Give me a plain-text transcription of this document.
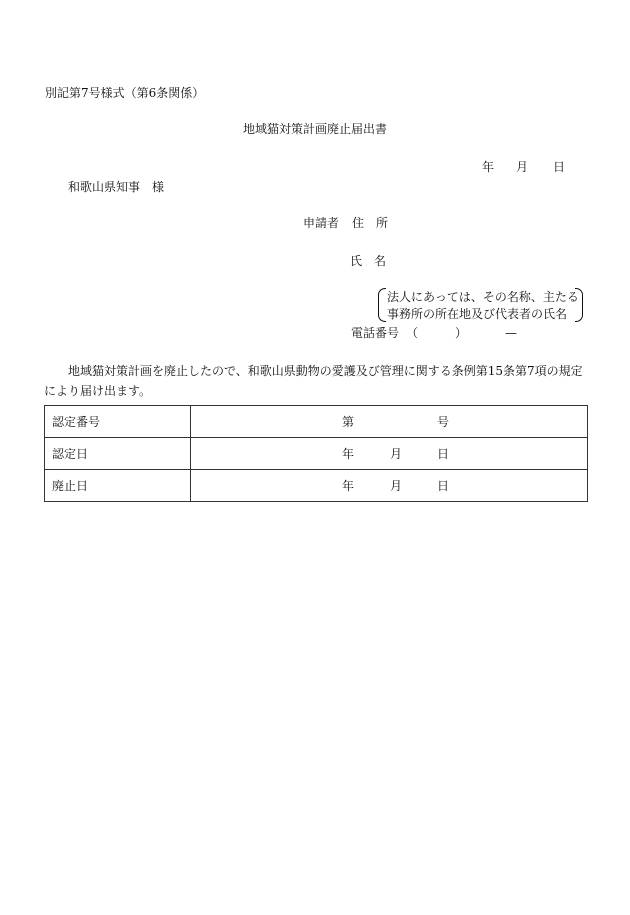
別記第7号様式（第6条関係）
地域猫対策計画廃止届出書
年 月 日
和歌山県知事　様
申請者 住　所
氏　名
法人にあっては、その名称、主たる
事務所の所在地及び代表者の氏名
電話番号 （	）	—
地域猫対策計画を廃止したので、和歌山県動物の愛護及び管理に関する条例第15条第7項の規定により届け出ます。
認定番号	第 号

認定日	年 月 日

廃止日	年 月 日
